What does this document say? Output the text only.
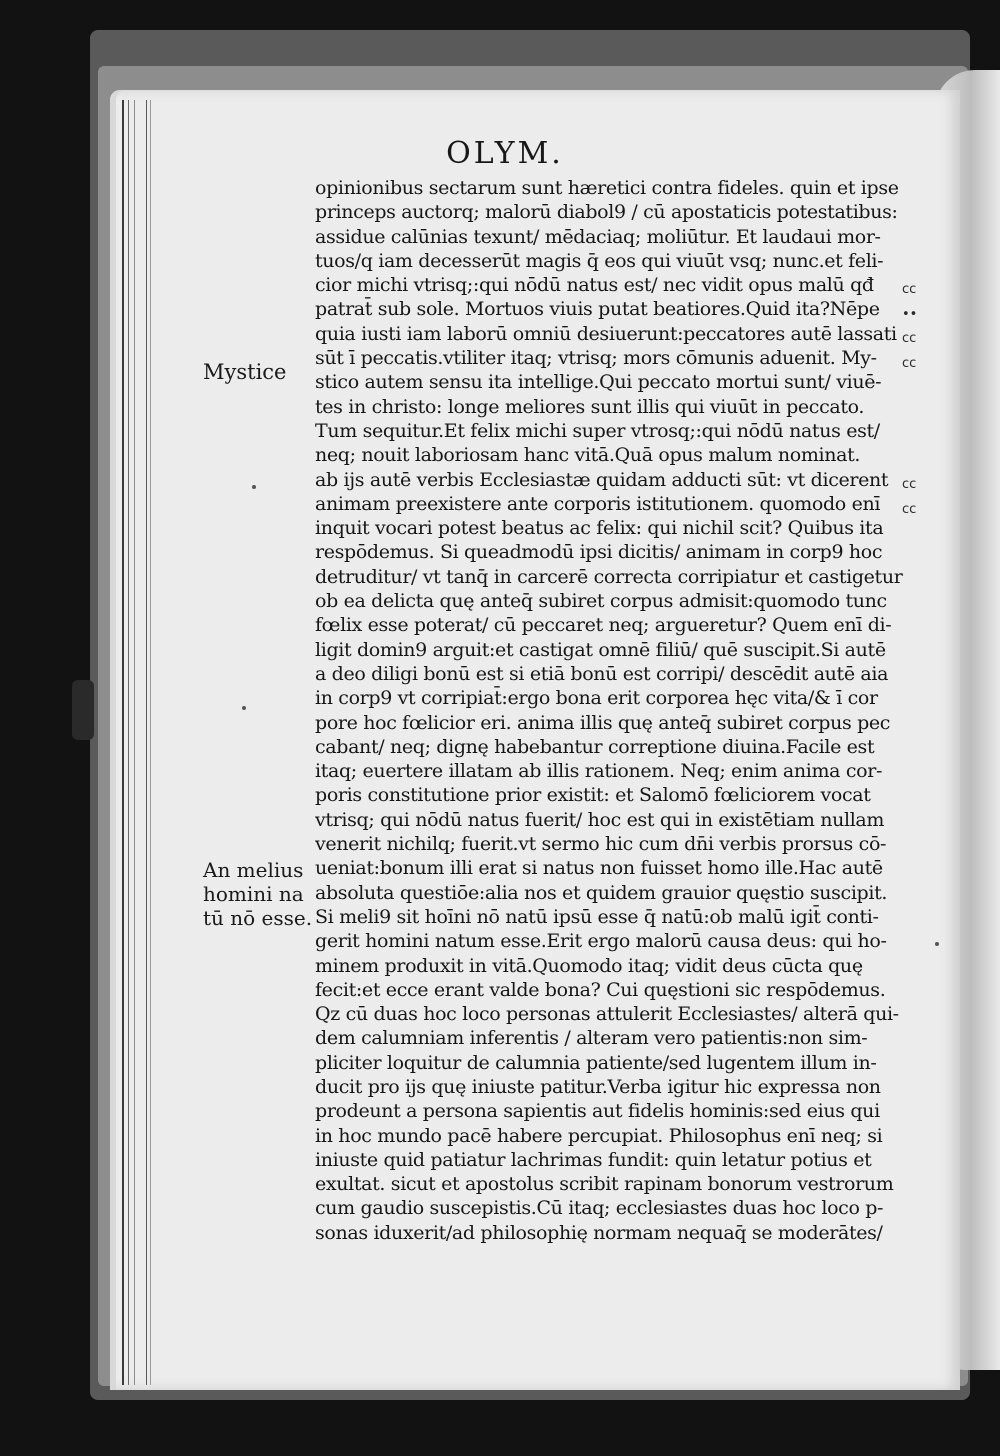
OLYM.
Mystice
An melius
homini na
tū nō esse.
cc
••
cc
cc
cc
cc
opinionibus sectarum sunt hæretici contra fideles. quin et ipse
princeps auctorq; malorū diabol9 / cū apostaticis potestatibus:
assidue calūnias texunt/ mēdaciaq; moliūtur. Et laudaui mor-
tuos/q iam decesserūt magis q̄ eos qui viuūt vsq; nunc.et feli-
cior michi vtrisq;:qui nōdū natus est/ nec vidit opus malū qđ
patrat̄ sub sole. Mortuos viuis putat beatiores.Quid ita?Nēpe
quia iusti iam laborū omniū desiuerunt:peccatores autē lassati
sūt ī peccatis.vtiliter itaq; vtrisq; mors cōmunis aduenit. My-
stico autem sensu ita intellige.Qui peccato mortui sunt/ viuē-
tes in christo: longe meliores sunt illis qui viuūt in peccato.
Tum sequitur.Et felix michi super vtrosq;:qui nōdū natus est/
neq; nouit laboriosam hanc vitā.Quā opus malum nominat.
ab ijs autē verbis Ecclesiastæ quidam adducti sūt: vt dicerent
animam preexistere ante corporis istitutionem. quomodo enī
inquit vocari potest beatus ac felix: qui nichil scit? Quibus ita
respōdemus. Si queadmodū ipsi dicitis/ animam in corp9 hoc
detruditur/ vt tanq̄ in carcerē correcta corripiatur et castigetur
ob ea delicta quę anteq̄ subiret corpus admisit:quomodo tunc
fœlix esse poterat/ cū peccaret neq; argueretur? Quem enī di-
ligit domin9 arguit:et castigat omnē filiū/ quē suscipit.Si autē
a deo diligi bonū est si etiā bonū est corripi/ descēdit autē aia
in corp9 vt corripiat̄:ergo bona erit corporea hęc vita/& ī cor
pore hoc fœlicior eri. anima illis quę anteq̄ subiret corpus pec
cabant/ neq; dignę habebantur correptione diuina.Facile est
itaq; euertere illatam ab illis rationem. Neq; enim anima cor-
poris constitutione prior existit: et Salomō fœliciorem vocat
vtrisq; qui nōdū natus fuerit/ hoc est qui in existētiam nullam
venerit nichilq; fuerit.vt sermo hic cum dn̄i verbis prorsus cō-
ueniat:bonum illi erat si natus non fuisset homo ille.Hac autē
absoluta questiōe:alia nos et quidem grauior quęstio suscipit.
Si meli9 sit hoīni nō natū ipsū esse q̄ natū:ob malū igit̄ conti-
gerit homini natum esse.Erit ergo malorū causa deus: qui ho-
minem produxit in vitā.Quomodo itaq; vidit deus cūcta quę
fecit:et ecce erant valde bona? Cui quęstioni sic respōdemus.
Qz cū duas hoc loco personas attulerit Ecclesiastes/ alterā qui-
dem calumniam inferentis / alteram vero patientis:non sim-
pliciter loquitur de calumnia patiente/sed lugentem illum in-
ducit pro ijs quę iniuste patitur.Verba igitur hic expressa non
prodeunt a persona sapientis aut fidelis hominis:sed eius qui
in hoc mundo pacē habere percupiat. Philosophus enī neq; si
iniuste quid patiatur lachrimas fundit: quin letatur potius et
exultat. sicut et apostolus scribit rapinam bonorum vestrorum
cum gaudio suscepistis.Cū itaq; ecclesiastes duas hoc loco p-
sonas iduxerit/ad philosophię normam nequaq̄ se moderātes/
